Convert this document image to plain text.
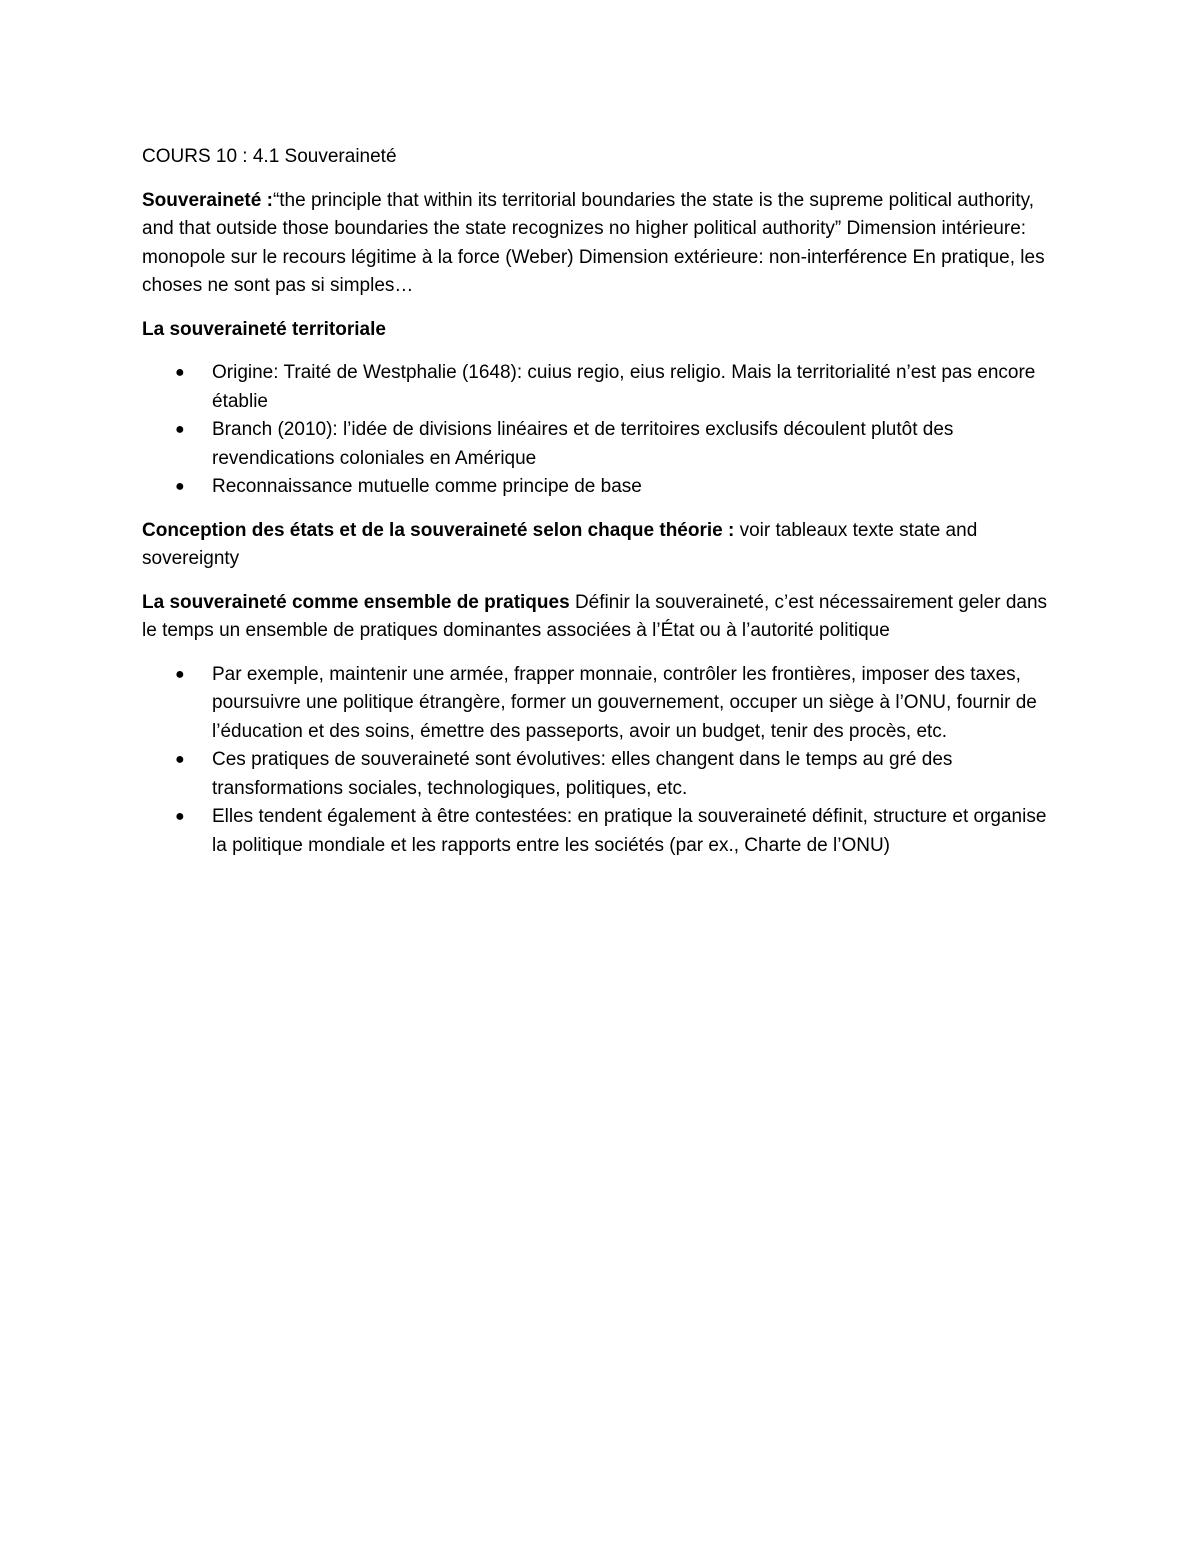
COURS 10 : 4.1 Souveraineté

Souveraineté :“the principle that within its territorial boundaries the state is the supreme political authority, and that outside those boundaries the state recognizes no higher political authority” Dimension intérieure: monopole sur le recours légitime à la force (Weber) Dimension extérieure: non-interférence En pratique, les choses ne sont pas si simples…

La souveraineté territoriale

● Origine: Traité de Westphalie (1648): cuius regio, eius religio. Mais la territorialité n’est pas encore établie
● Branch (2010): l’idée de divisions linéaires et de territoires exclusifs découlent plutôt des revendications coloniales en Amérique
● Reconnaissance mutuelle comme principe de base

Conception des états et de la souveraineté selon chaque théorie : voir tableaux texte state and sovereignty

La souveraineté comme ensemble de pratiques Définir la souveraineté, c’est nécessairement geler dans le temps un ensemble de pratiques dominantes associées à l’État ou à l’autorité politique

● Par exemple, maintenir une armée, frapper monnaie, contrôler les frontières, imposer des taxes, poursuivre une politique étrangère, former un gouvernement, occuper un siège à l’ONU, fournir de l’éducation et des soins, émettre des passeports, avoir un budget, tenir des procès, etc.
● Ces pratiques de souveraineté sont évolutives: elles changent dans le temps au gré des transformations sociales, technologiques, politiques, etc.
● Elles tendent également à être contestées: en pratique la souveraineté définit, structure et organise la politique mondiale et les rapports entre les sociétés (par ex., Charte de l’ONU)
